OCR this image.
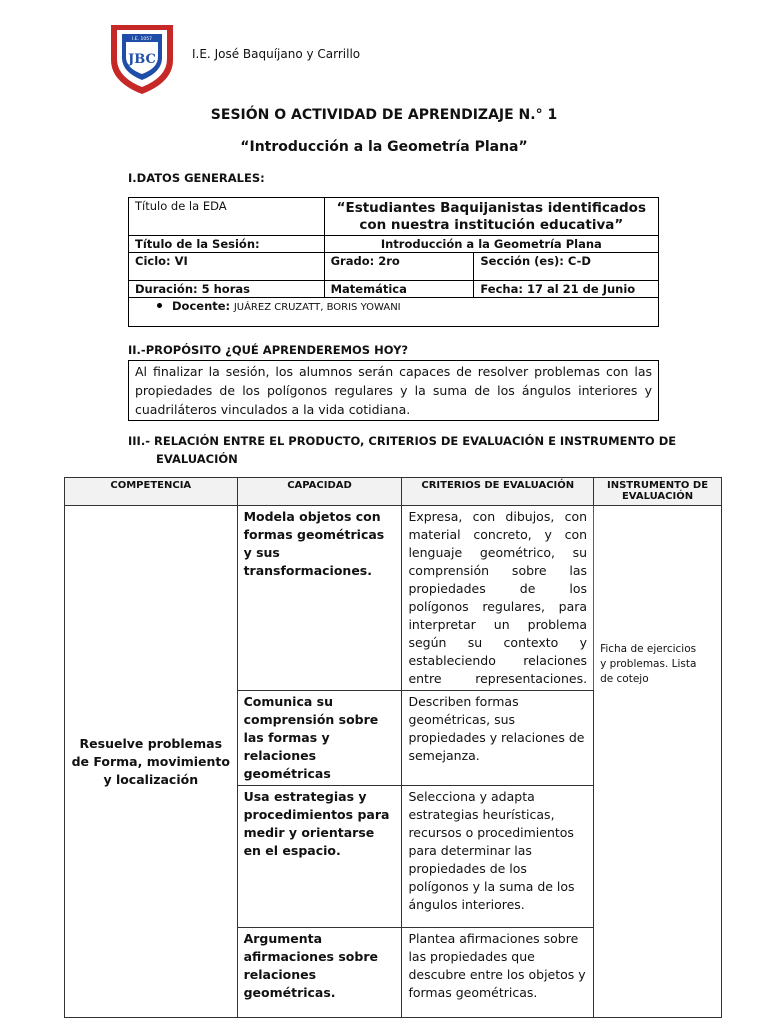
I.E. 1057
JBC
LINCE
I.E. José Baquíjano y Carrillo
SESIÓN O ACTIVIDAD DE APRENDIZAJE N.° 1
“Introducción a la Geometría Plana”
I.DATOS GENERALES:
Título de la EDA	“Estudiantes Baquijanistas identificados con nuestra institución educativa”	
Título de la Sesión:	Introducción a la Geometría Plana	
Ciclo: VI	Grado: 2ro	Sección (es): C-D
Duración: 5 horas	Matemática	Fecha: 17 al 21 de Junio
Docente: JUÁREZ CRUZATT, BORIS YOWANI		
II.-PROPÓSITO ¿QUÉ APRENDEREMOS HOY?
Al finalizar la sesión, los alumnos serán capaces de resolver problemas con las propiedades de los polígonos regulares y la suma de los ángulos interiores y cuadriláteros vinculados a la vida cotidiana.
III.- RELACIÓN ENTRE EL PRODUCTO, CRITERIOS DE EVALUACIÓN E INSTRUMENTO DE
EVALUACIÓN
COMPETENCIA	CAPACIDAD	CRITERIOS DE EVALUACIÓN	INSTRUMENTO DE EVALUACIÓN
Resuelve problemas de Forma, movimiento y localización	Modela objetos con formas geométricas y sus transformaciones.	Expresa, con dibujos, con material concreto, y con lenguaje geométrico, su comprensión sobre las propiedades de los polígonos regulares, para interpretar un problema según su contexto y estableciendo relaciones entre representaciones.	Ficha de ejercicios y problemas. Lista de cotejo

	Comunica su comprensión sobre las formas y relaciones geométricas	Describen formas geométricas, sus propiedades y relaciones de semejanza.	
	Usa estrategias y procedimientos para medir y orientarse en el espacio.	Selecciona y adapta estrategias heurísticas, recursos o procedimientos para determinar las propiedades de los polígonos y la suma de los ángulos interiores.	
	Argumenta afirmaciones sobre relaciones geométricas.	Plantea afirmaciones sobre las propiedades que descubre entre los objetos y formas geométricas.	
